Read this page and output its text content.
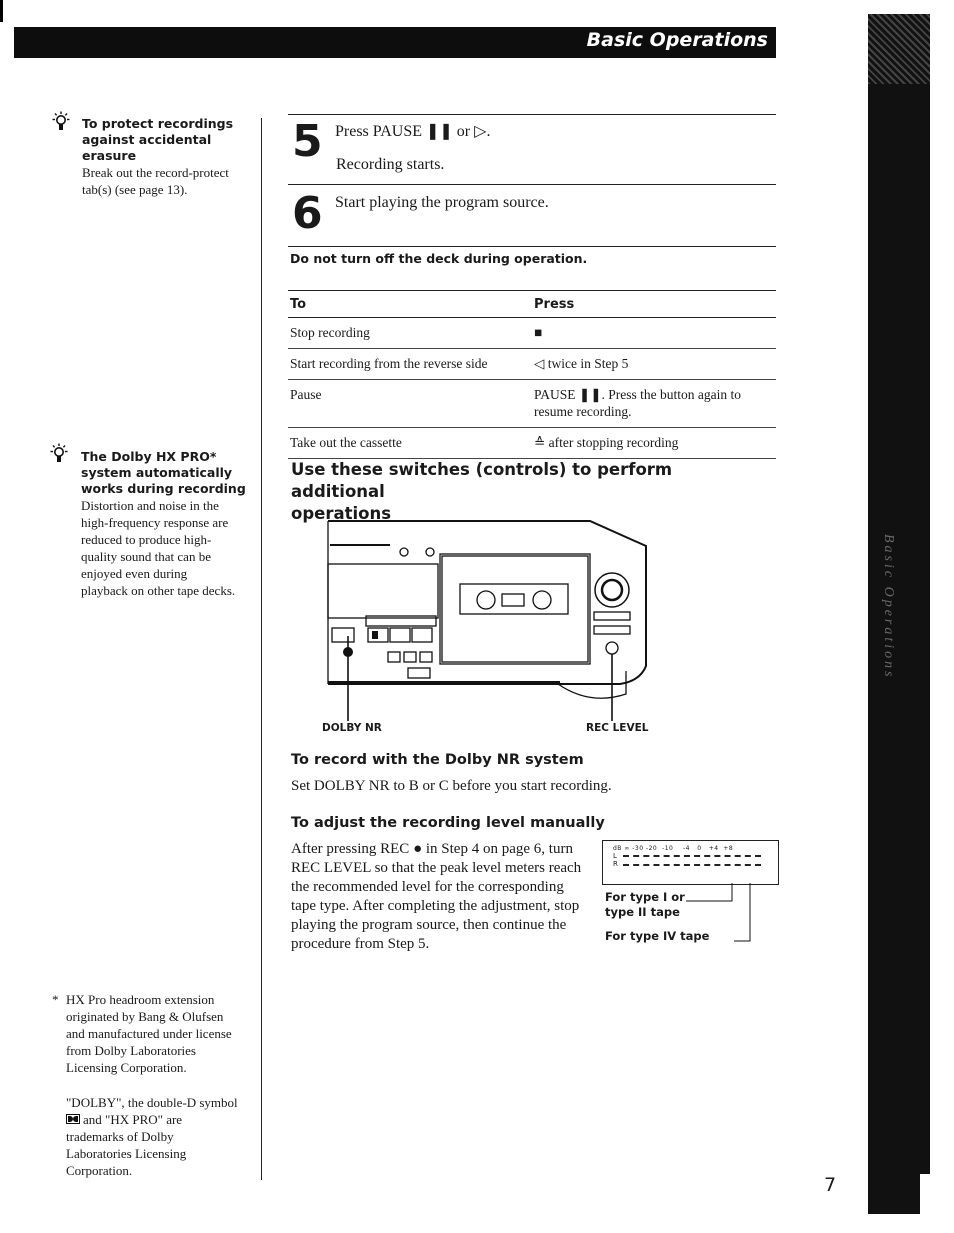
Basic Operations
Basic Operations
To protect recordings
against accidental erasure
Break out the record-protect
tab(s) (see page 13).
The Dolby HX PRO*
system automatically
works during recording
Distortion and noise in the
high-frequency response are
reduced to produce high-
quality sound that can be
enjoyed even during
playback on other tape decks.
* HX Pro headroom extension
originated by Bang & Olufsen
and manufactured under license
from Dolby Laboratories
Licensing Corporation.
"DOLBY", the double-D symbol
and "HX PRO" are
trademarks of Dolby
Laboratories Licensing
Corporation.
5 Press PAUSE ❚❚ or ▷.
Recording starts.
6 Start playing the program source.
Do not turn off the deck during operation.
To	Press
Stop recording	■
Start recording from the reverse side	◁ twice in Step 5
Pause	PAUSE ❚❚. Press the button again to
resume recording.

Take out the cassette	≙ after stopping recording
Use these switches (controls) to perform additional
operations
DOLBY NR	REC LEVEL
To record with the Dolby NR system
Set DOLBY NR to B or C before you start recording.
To adjust the recording level manually
After pressing REC ● in Step 4 on page 6, turn
REC LEVEL so that the peak level meters reach
the recommended level for the corresponding
tape type. After completing the adjustment, stop
playing the program source, then continue the
procedure from Step 5.
dB ∞ -30 -20  -10    -4   0   +4  +8
L
R
For type I or
type II tape
For type IV tape
7
